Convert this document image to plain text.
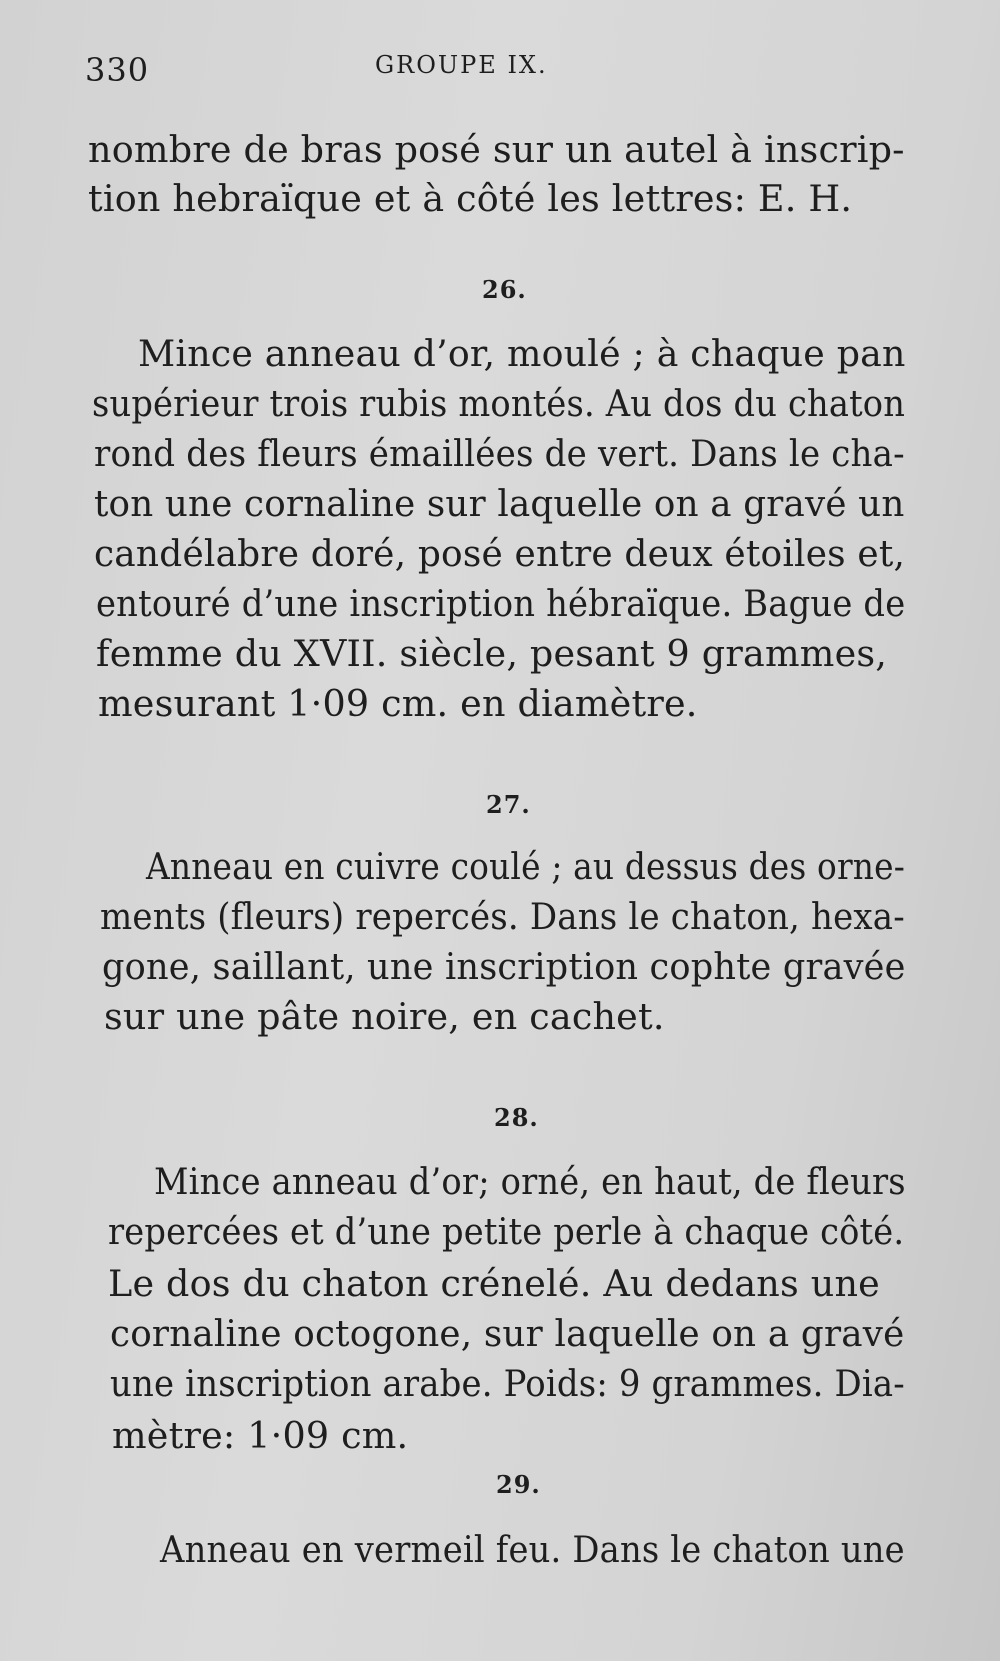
330	GROUPE IX.
nombre de bras posé sur un autel à inscrip-
tion hebraïque et à côté les lettres: E. H.
26.
Mince anneau d’or, moulé ; à chaque pan
supérieur trois rubis montés. Au dos du chaton
rond des fleurs émaillées de vert. Dans le cha-
ton une cornaline sur laquelle on a gravé un
candélabre doré, posé entre deux étoiles et,
entouré d’une inscription hébraïque. Bague de
femme du XVII. siècle, pesant 9 grammes,
mesurant 1·09 cm. en diamètre.
27.
Anneau en cuivre coulé ; au dessus des orne-
ments (fleurs) repercés. Dans le chaton, hexa-
gone, saillant, une inscription cophte gravée
sur une pâte noire, en cachet.
28.
Mince anneau d’or; orné, en haut, de fleurs
repercées et d’une petite perle à chaque côté.
Le dos du chaton crénelé. Au dedans une
cornaline octogone, sur laquelle on a gravé
une inscription arabe. Poids: 9 grammes. Dia-
mètre: 1·09 cm.
29.
Anneau en vermeil feu. Dans le chaton une
